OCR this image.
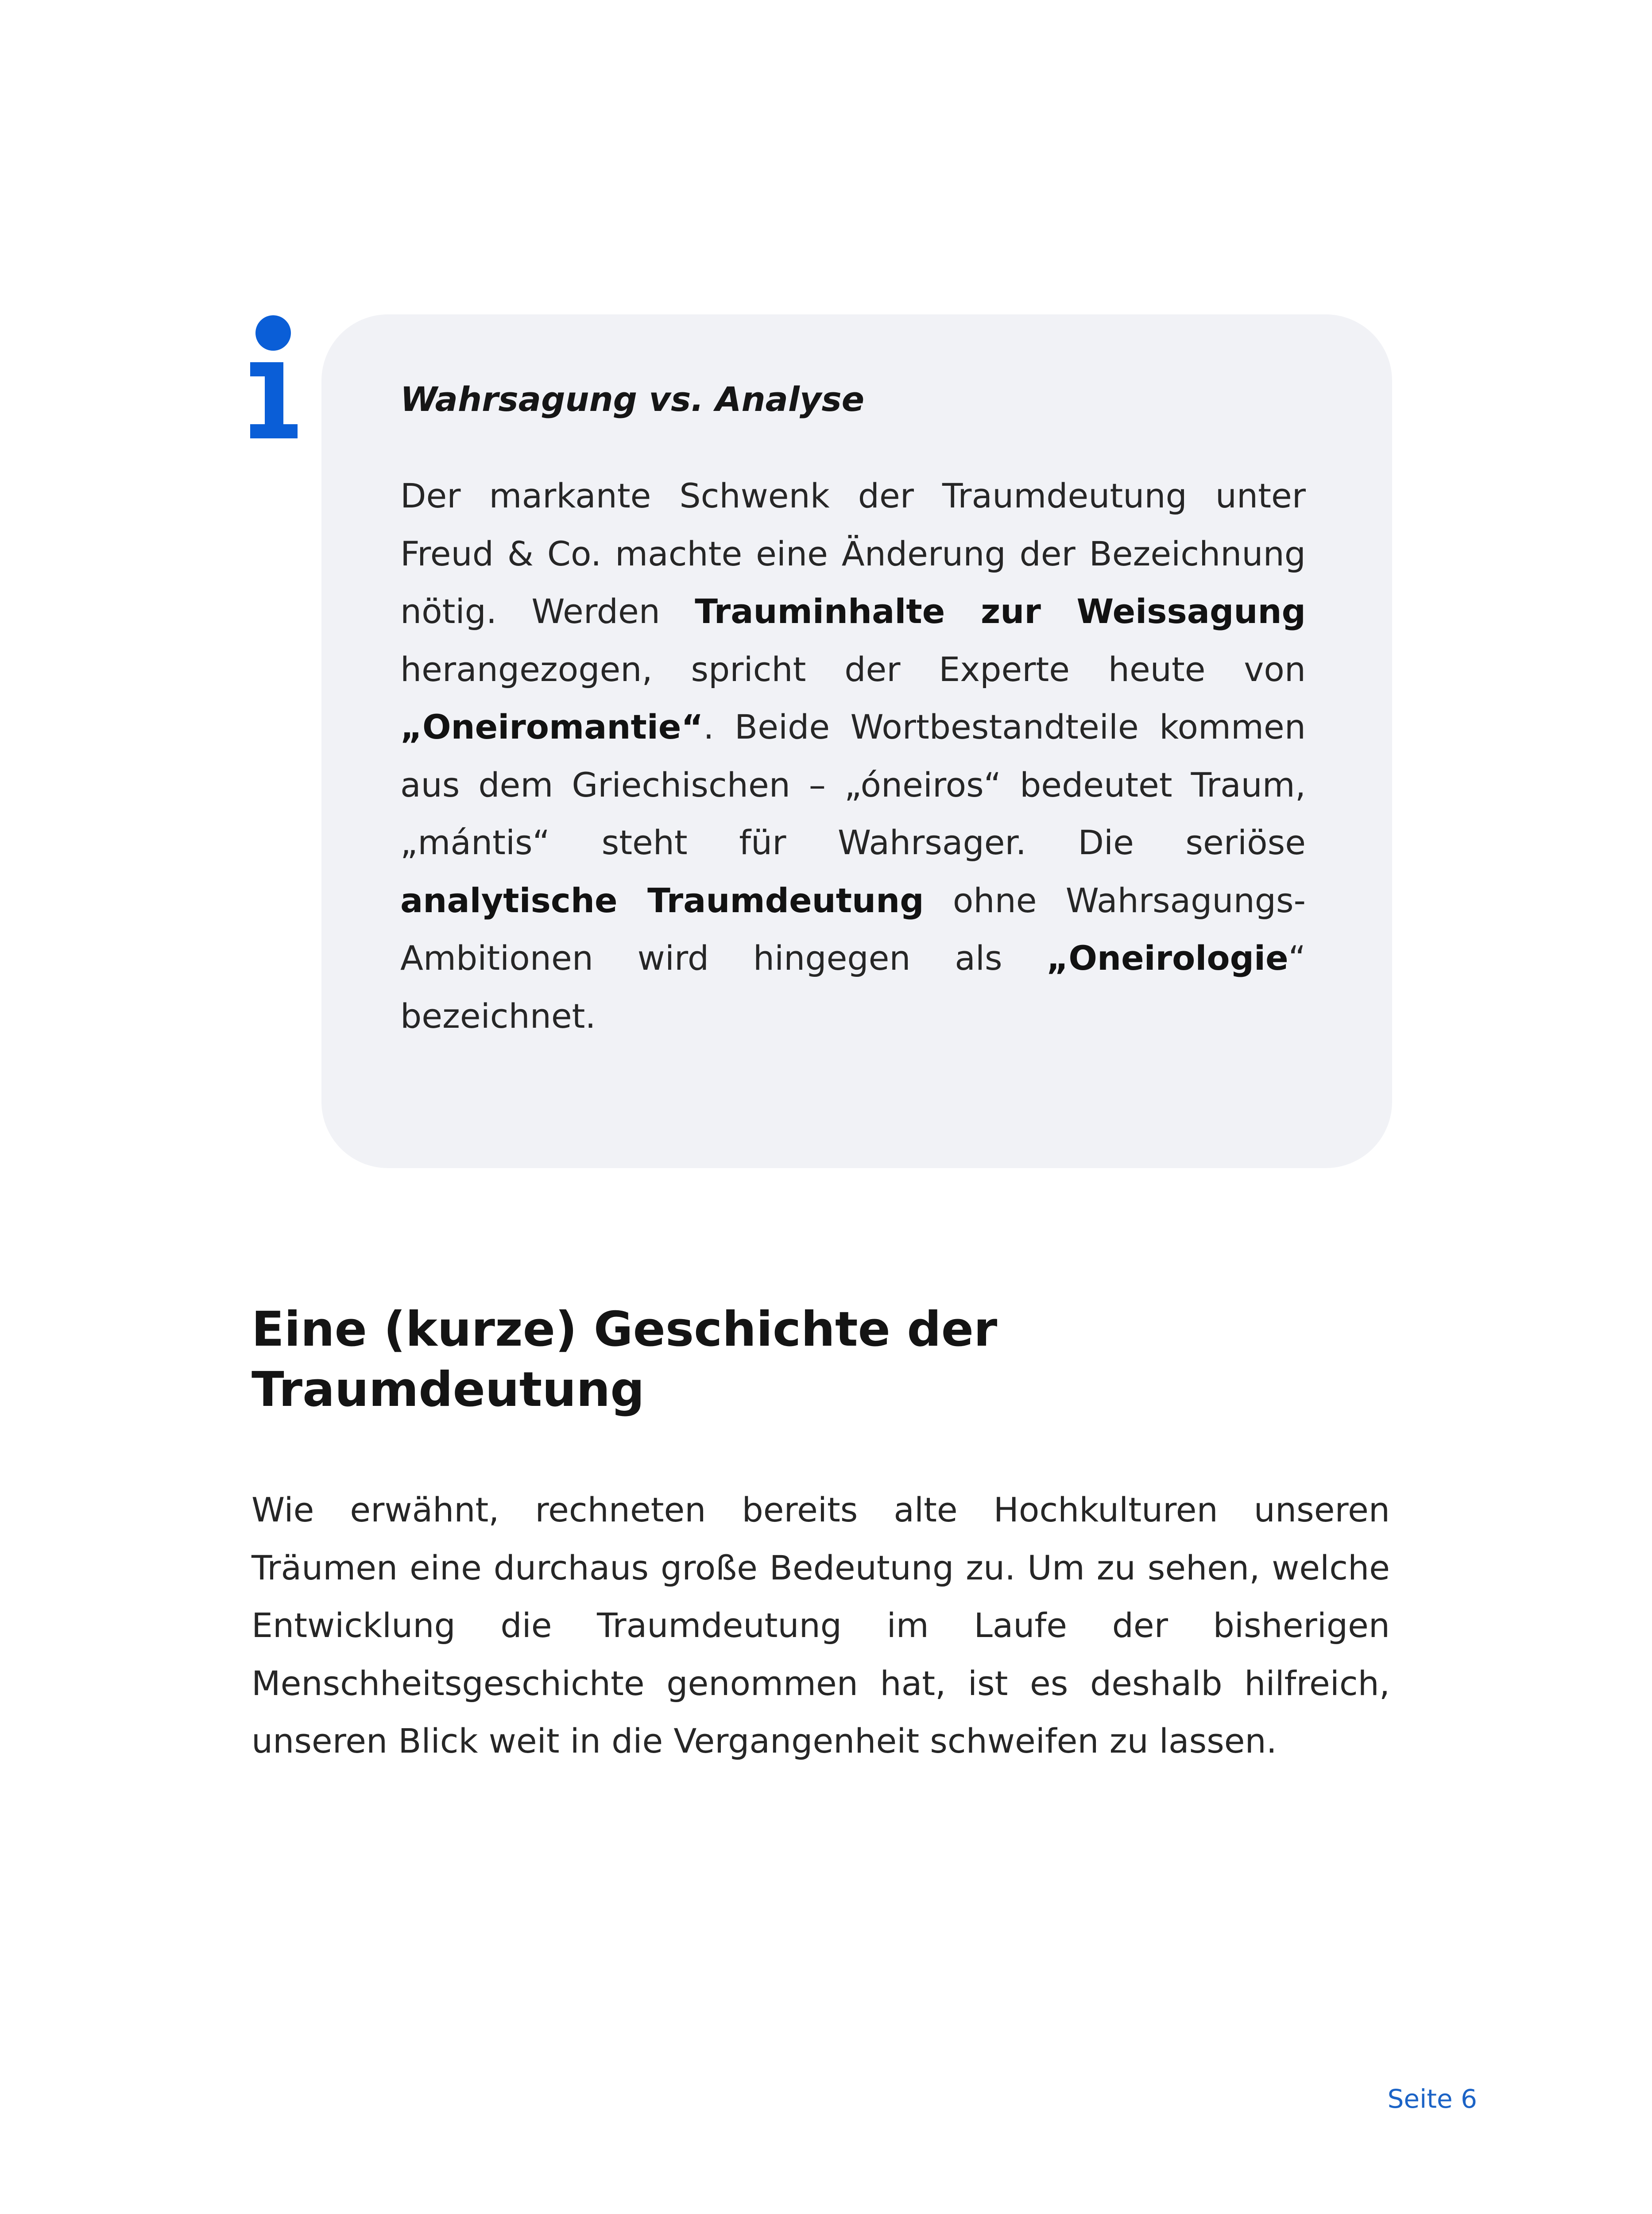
Wahrsagung vs. Analyse

Der markante Schwenk der Traumdeutung unter Freud & Co. machte eine Änderung der Bezeichnung nötig. Werden Trauminhalte zur Weissagung herangezogen, spricht der Experte heute von „Oneiromantie“. Beide Wortbestandteile kommen aus dem Griechischen – „óneiros“ bedeutet Traum, „mántis“ steht für Wahrsager. Die seriöse analytische Traumdeutung ohne Wahrsagungs-Ambitionen wird hingegen als „Oneirologie“ bezeichnet.

Eine (kurze) Geschichte der
Traumdeutung

Wie erwähnt, rechneten bereits alte Hochkulturen unseren Träumen eine durchaus große Bedeutung zu. Um zu sehen, welche Entwicklung die Traumdeutung im Laufe der bisherigen Menschheitsgeschichte genommen hat, ist es deshalb hilfreich, unseren Blick weit in die Vergangenheit schweifen zu lassen.

Seite 6
